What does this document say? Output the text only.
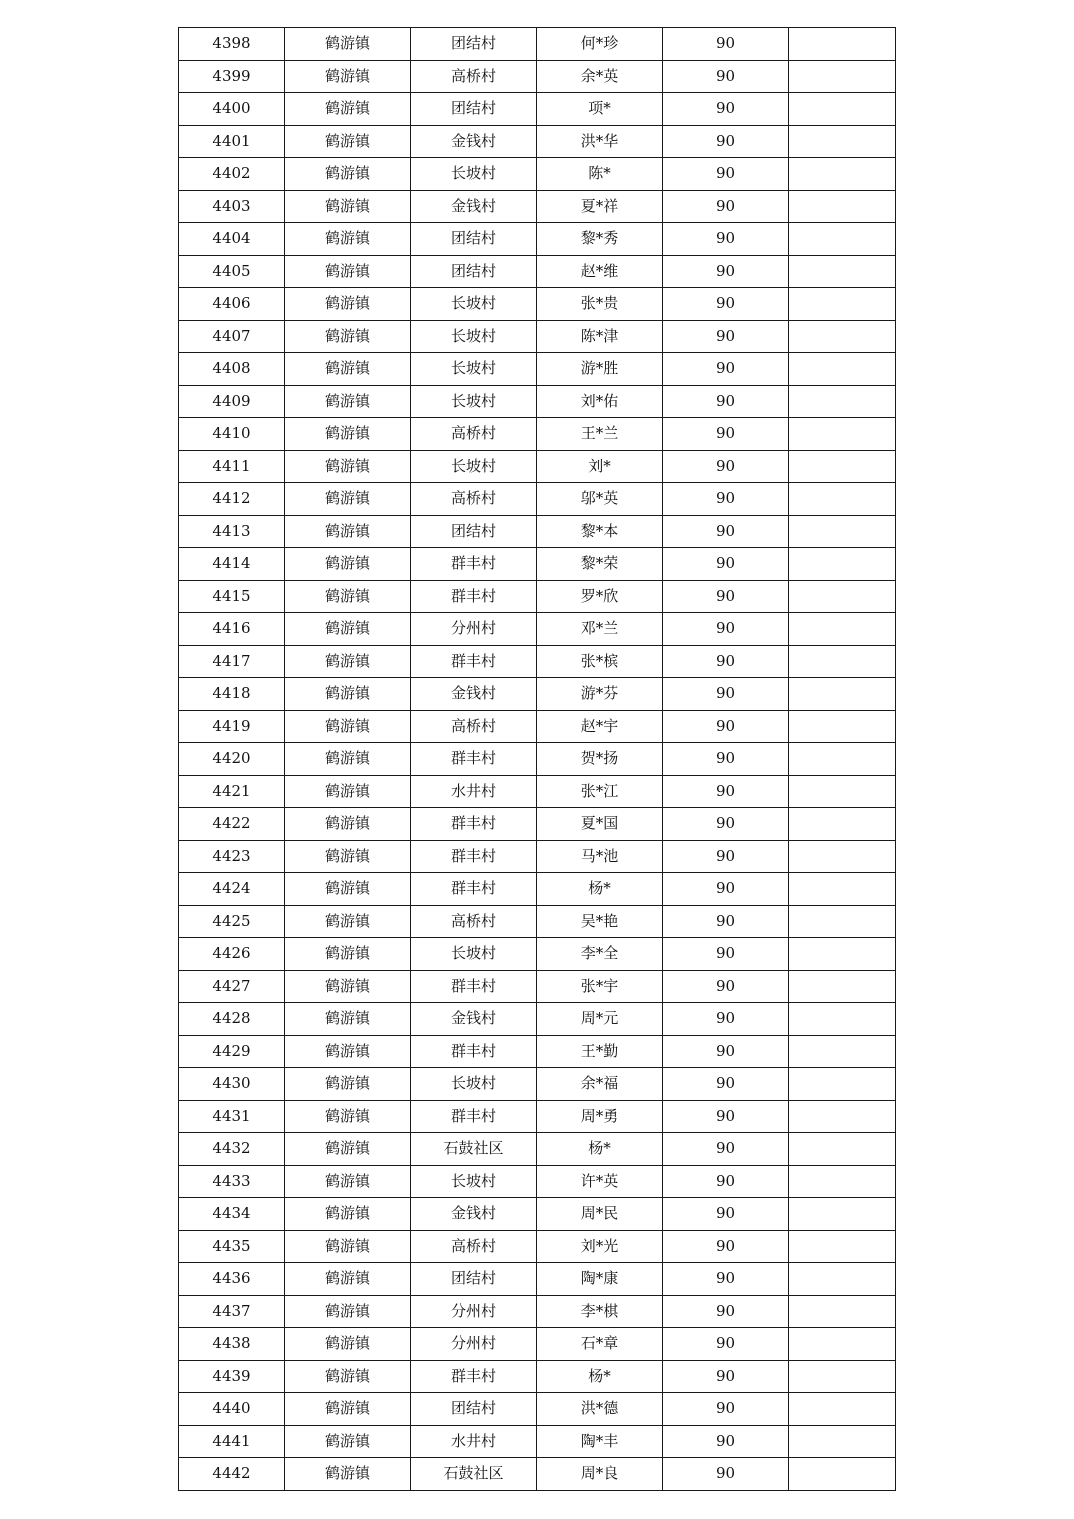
4398	鹤游镇	团结村	何*珍	90	
4399	鹤游镇	高桥村	余*英	90	
4400	鹤游镇	团结村	项*	90	
4401	鹤游镇	金钱村	洪*华	90	
4402	鹤游镇	长坡村	陈*	90	
4403	鹤游镇	金钱村	夏*祥	90	
4404	鹤游镇	团结村	黎*秀	90	
4405	鹤游镇	团结村	赵*维	90	
4406	鹤游镇	长坡村	张*贵	90	
4407	鹤游镇	长坡村	陈*津	90	
4408	鹤游镇	长坡村	游*胜	90	
4409	鹤游镇	长坡村	刘*佑	90	
4410	鹤游镇	高桥村	王*兰	90	
4411	鹤游镇	长坡村	刘*	90	
4412	鹤游镇	高桥村	邬*英	90	
4413	鹤游镇	团结村	黎*本	90	
4414	鹤游镇	群丰村	黎*荣	90	
4415	鹤游镇	群丰村	罗*欣	90	
4416	鹤游镇	分州村	邓*兰	90	
4417	鹤游镇	群丰村	张*槟	90	
4418	鹤游镇	金钱村	游*芬	90	
4419	鹤游镇	高桥村	赵*宇	90	
4420	鹤游镇	群丰村	贺*扬	90	
4421	鹤游镇	水井村	张*江	90	
4422	鹤游镇	群丰村	夏*国	90	
4423	鹤游镇	群丰村	马*池	90	
4424	鹤游镇	群丰村	杨*	90	
4425	鹤游镇	高桥村	吴*艳	90	
4426	鹤游镇	长坡村	李*全	90	
4427	鹤游镇	群丰村	张*宇	90	
4428	鹤游镇	金钱村	周*元	90	
4429	鹤游镇	群丰村	王*勤	90	
4430	鹤游镇	长坡村	余*福	90	
4431	鹤游镇	群丰村	周*勇	90	
4432	鹤游镇	石鼓社区	杨*	90	
4433	鹤游镇	长坡村	许*英	90	
4434	鹤游镇	金钱村	周*民	90	
4435	鹤游镇	高桥村	刘*光	90	
4436	鹤游镇	团结村	陶*康	90	
4437	鹤游镇	分州村	李*棋	90	
4438	鹤游镇	分州村	石*章	90	
4439	鹤游镇	群丰村	杨*	90	
4440	鹤游镇	团结村	洪*德	90	
4441	鹤游镇	水井村	陶*丰	90	
4442	鹤游镇	石鼓社区	周*良	90	
